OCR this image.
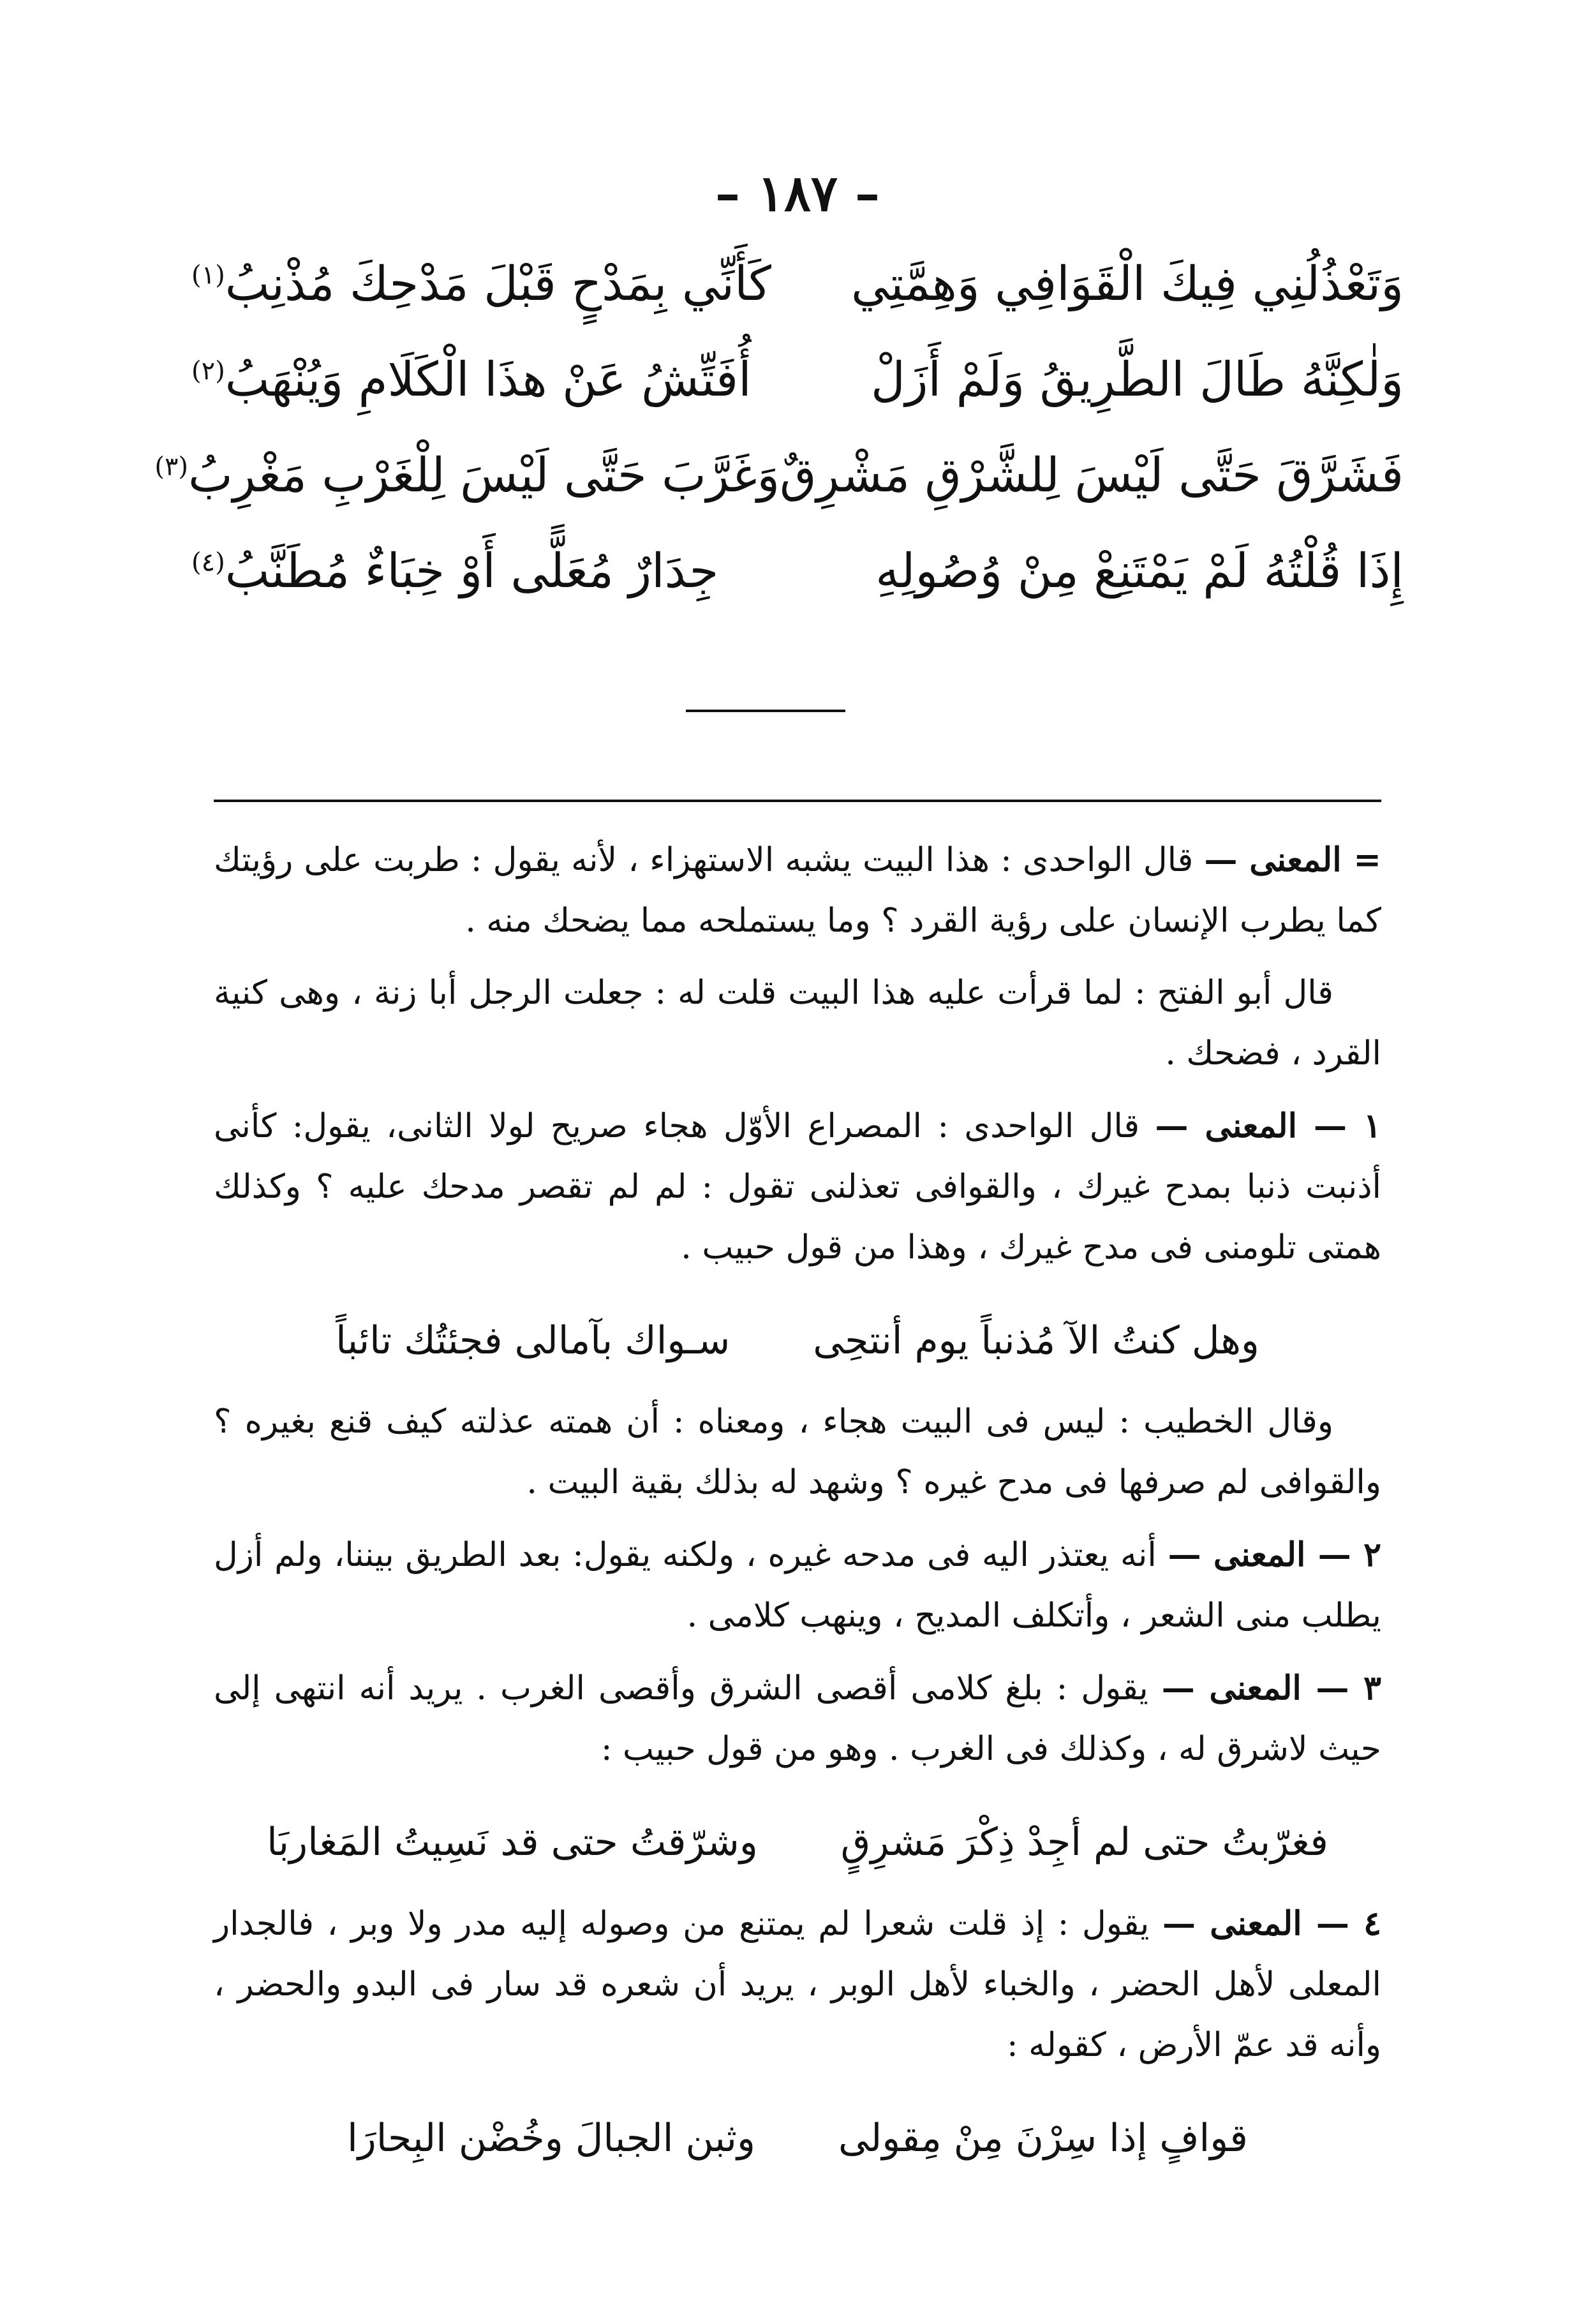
– ١٨٧ –
وَتَعْذُلُنِي فِيكَ الْقَوَافِي وَهِمَّتِي
كَأَنِّي بِمَدْحٍ قَبْلَ مَدْحِكَ مُذْنِبُ$^{(١)}$
وَلٰكِنَّهُ طَالَ الطَّرِيقُ وَلَمْ أَزَلْ
أُفَتِّشُ عَنْ هذَا الْكَلَامِ وَيُنْهَبُ$^{(٢)}$
فَشَرَّقَ حَتَّى لَيْسَ لِلشَّرْقِ مَشْرِقٌ
وَغَرَّبَ حَتَّى لَيْسَ لِلْغَرْبِ مَغْرِبُ$^{(٣)}$
إِذَا قُلْتُهُ لَمْ يَمْتَنِعْ مِنْ وُصُولِهِ
جِدَارٌ مُعَلًّى أَوْ خِبَاءٌ مُطَنَّبُ$^{(٤)}$

= المعنى — قال الواحدى : هذا البيت يشبه الاستهزاء ، لأنه يقول : طربت على رؤيتك كما يطرب الإنسان على رؤية القرد ؟ وما يستملحه مما يضحك منه .

قال أبو الفتح : لما قرأت عليه هذا البيت قلت له : جعلت الرجل أبا زنة ، وهى كنية القرد ، فضحك .

١ — المعنى — قال الواحدى : المصراع الأوّل هجاء صريح لولا الثانى، يقول: كأنى أذنبت ذنبا بمدح غيرك ، والقوافى تعذلنى تقول : لم لم تقصر مدحك عليه ؟ وكذلك همتى تلومنى فى مدح غيرك ، وهذا من قول حبيب .

وهل كنتُ الآ مُذنباً يوم أنتحِى
سـواك بآمالى فجئتُك تائباً

وقال الخطيب : ليس فى البيت هجاء ، ومعناه : أن همته عذلته كيف قنع بغيره ؟ والقوافى لم صرفها فى مدح غيره ؟ وشهد له بذلك بقية البيت .

٢ — المعنى — أنه يعتذر اليه فى مدحه غيره ، ولكنه يقول: بعد الطريق بيننا، ولم أزل يطلب منى الشعر ، وأتكلف المديح ، وينهب كلامى .

٣ — المعنى — يقول : بلغ كلامى أقصى الشرق وأقصى الغرب . يريد أنه انتهى إلى حيث لاشرق له ، وكذلك فى الغرب . وهو من قول حبيب :

فغرّبتُ حتى لم أجِدْ ذِكْرَ مَشرِقٍ
وشرّقتُ حتى قد نَسِيتُ المَغاربَا

٤ — المعنى — يقول : إذ قلت شعرا لم يمتنع من وصوله إليه مدر ولا وبر ، فالجدار المعلى لأهل الحضر ، والخباء لأهل الوبر ، يريد أن شعره قد سار فى البدو والحضر ، وأنه قد عمّ الأرض ، كقوله :

قوافٍ إذا سِرْنَ مِنْ مِقولى
وثبن الجبالَ وخُضْن البِحارَا
